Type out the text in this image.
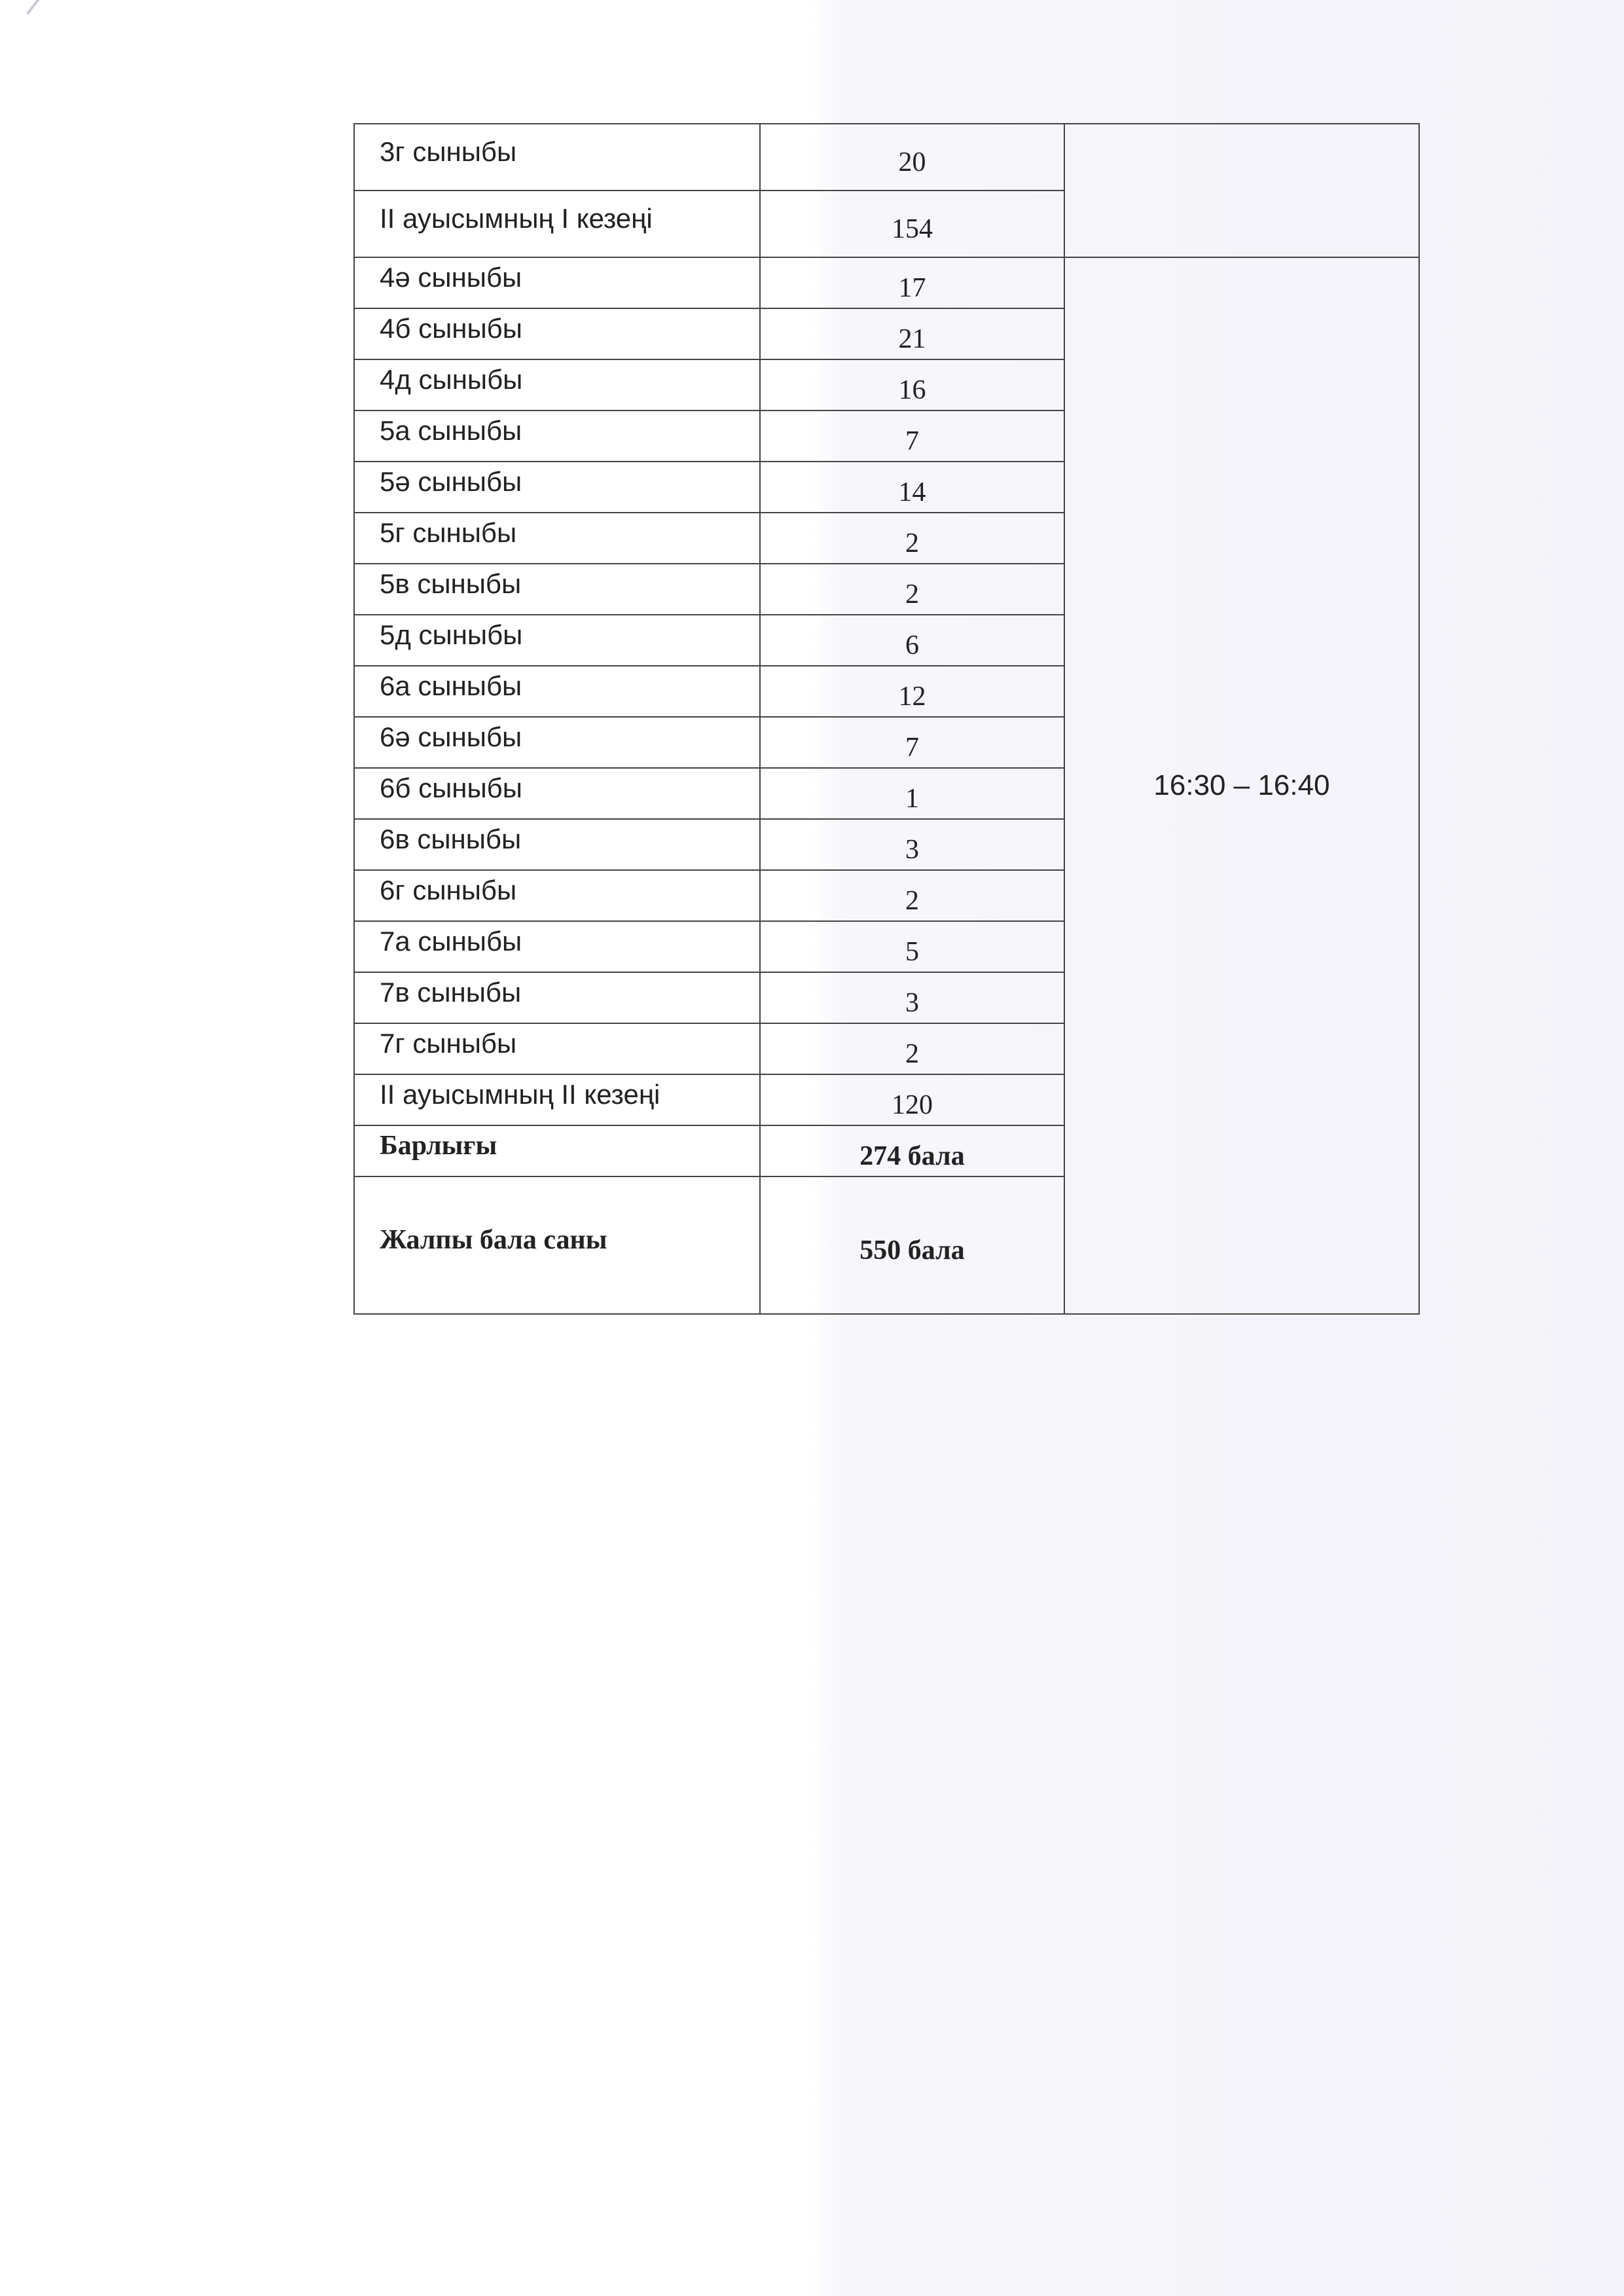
3г сыныбы	20	

ІІ ауысымның І кезеңі	154	

4ә сыныбы	17	16:30 – 16:40

4б сыныбы	21	

4д сыныбы	16	

5а сыныбы	7	

5ә сыныбы	14	

5г сыныбы	2	

5в сыныбы	2	

5д сыныбы	6	

6а сыныбы	12	

6ә сыныбы	7	

6б сыныбы	1	

6в сыныбы	3	

6г сыныбы	2	

7а сыныбы	5	

7в сыныбы	3	

7г сыныбы	2	

ІІ ауысымның ІІ кезеңі	120	

Барлығы	274 бала	

Жалпы бала саны	550 бала	
